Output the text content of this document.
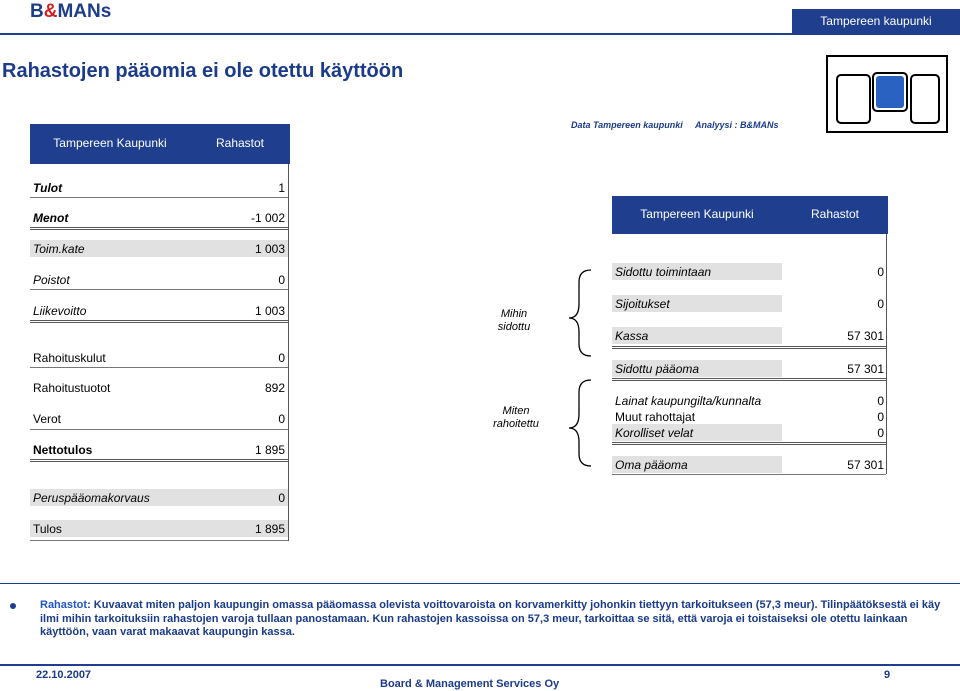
B&MANs	Tampereen kaupunki
Rahastojen pääomia ei ole otettu käyttöön
Data Tampereen kaupunki Analyysi : B&MANs
Tampereen Kaupunki	Rahastot
Tulot	1
Menot	-1 002
Toim.kate	1 003
Poistot	0
Liikevoitto	1 003
Rahoituskulut	0
Rahoitustuotot	892
Verot	0
Nettotulos	1 895
Peruspääomakorvaus	0
Tulos	1 895
Mihin sidottu
Miten rahoitettu
Tampereen Kaupunki	Rahastot
Sidottu toimintaan	0
Sijoitukset	0
Kassa	57 301
Sidottu pääoma	57 301
Lainat kaupungilta/kunnalta	0
Muut rahottajat	0
Korolliset velat	0
Oma pääoma	57 301
Rahastot: Kuvaavat miten paljon kaupungin omassa pääomassa olevista voittovaroista on korvamerkitty johonkin tiettyyn tarkoitukseen (57,3 meur). Tilinpäätöksestä ei käy ilmi mihin tarkoituksiin rahastojen varoja tullaan panostamaan. Kun rahastojen kassoissa on 57,3 meur, tarkoittaa se sitä, että varoja ei toistaiseksi ole otettu lainkaan käyttöön, vaan varat makaavat kaupungin kassa.
22.10.2007	9
Board & Management Services Oy
